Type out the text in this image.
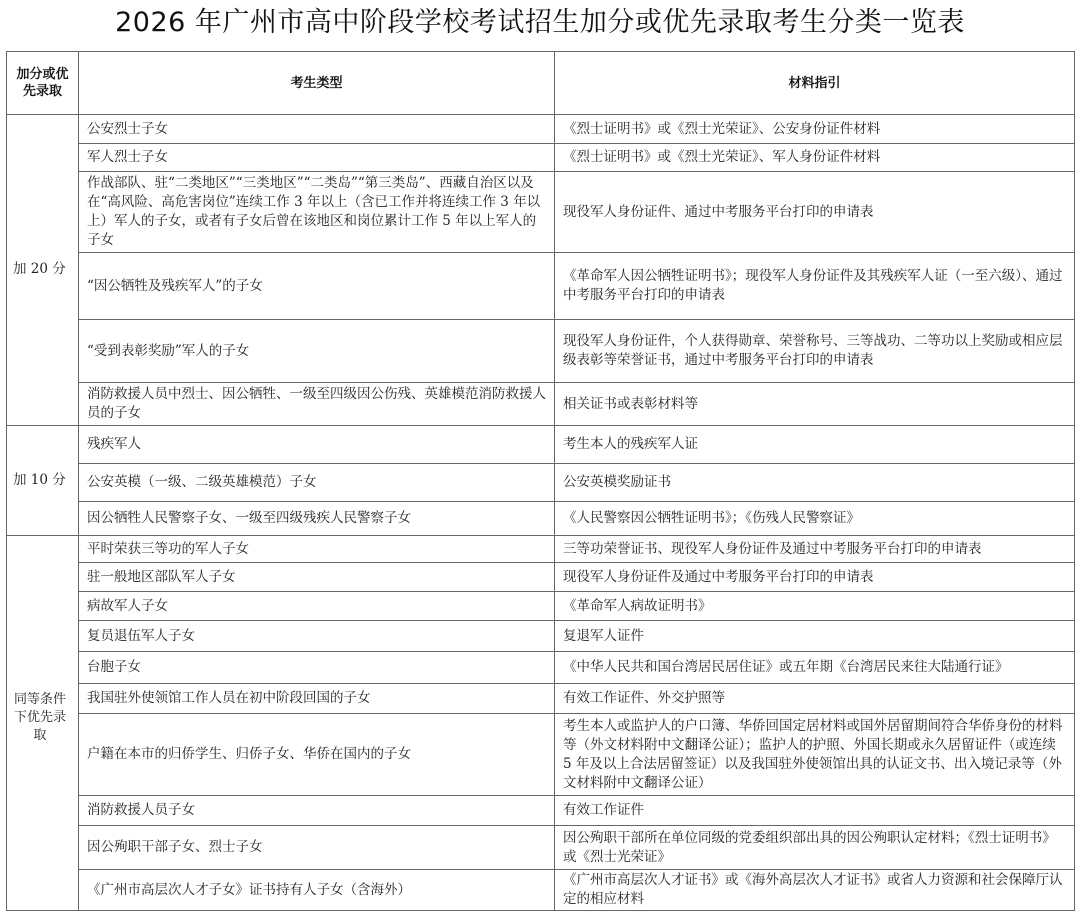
2026 年广州市高中阶段学校考试招生加分或优先录取考生分类一览表
加分或优先录取	考生类型	材料指引

加 20 分	公安烈士子女	《烈士证明书》或《烈士光荣证》、公安身份证件材料
	军人烈士子女	《烈士证明书》或《烈士光荣证》、军人身份证件材料
	作战部队、驻“二类地区”“三类地区”“二类岛”“第三类岛”、西藏自治区以及在“高风险、高危害岗位”连续工作 3 年以上（含已工作并将连续工作 3 年以上）军人的子女，或者有子女后曾在该地区和岗位累计工作 5 年以上军人的子女	现役军人身份证件、通过中考服务平台打印的申请表
	“因公牺牲及残疾军人”的子女	《革命军人因公牺牲证明书》；现役军人身份证件及其残疾军人证（一至六级）、通过中考服务平台打印的申请表
	“受到表彰奖励”军人的子女	现役军人身份证件，个人获得勋章、荣誉称号、三等战功、二等功以上奖励或相应层级表彰等荣誉证书，通过中考服务平台打印的申请表
	消防救援人员中烈士、因公牺牲、一级至四级因公伤残、英雄模范消防救援人员的子女	相关证书或表彰材料等

加 10 分	残疾军人	考生本人的残疾军人证
	公安英模（一级、二级英雄模范）子女	公安英模奖励证书
	因公牺牲人民警察子女、一级至四级残疾人民警察子女	《人民警察因公牺牲证明书》；《伤残人民警察证》

同等条件下优先录取	平时荣获三等功的军人子女	三等功荣誉证书、现役军人身份证件及通过中考服务平台打印的申请表
	驻一般地区部队军人子女	现役军人身份证件及通过中考服务平台打印的申请表
	病故军人子女	《革命军人病故证明书》
	复员退伍军人子女	复退军人证件
	台胞子女	《中华人民共和国台湾居民居住证》或五年期《台湾居民来往大陆通行证》
	我国驻外使领馆工作人员在初中阶段回国的子女	有效工作证件、外交护照等
	户籍在本市的归侨学生、归侨子女、华侨在国内的子女	考生本人或监护人的户口簿、华侨回国定居材料或国外居留期间符合华侨身份的材料等（外文材料附中文翻译公证）；监护人的护照、外国长期或永久居留证件（或连续 5 年及以上合法居留签证）以及我国驻外使领馆出具的认证文书、出入境记录等（外文材料附中文翻译公证）
	消防救援人员子女	有效工作证件
	因公殉职干部子女、烈士子女	因公殉职干部所在单位同级的党委组织部出具的因公殉职认定材料；《烈士证明书》或《烈士光荣证》
	《广州市高层次人才子女》证书持有人子女（含海外）	《广州市高层次人才证书》或《海外高层次人才证书》或省人力资源和社会保障厅认定的相应材料
